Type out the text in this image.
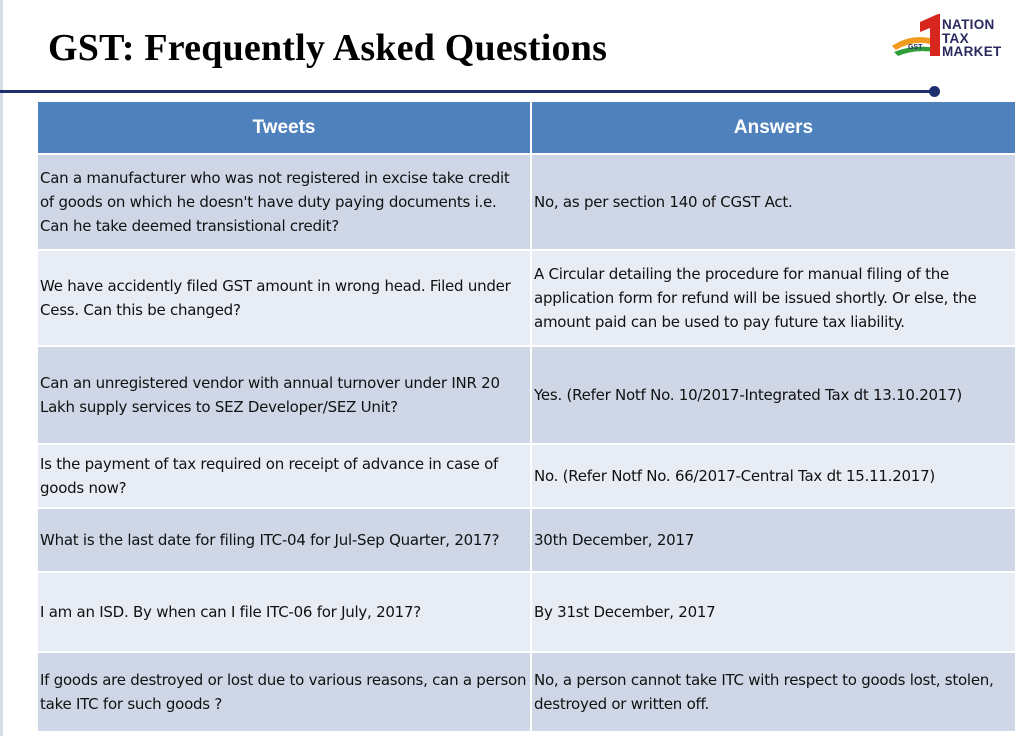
GST: Frequently Asked Questions	GST
NATION
TAX
MARKET
Tweets	Answers
Can a manufacturer who was not registered in excise take credit of goods on which he doesn't have duty paying documents i.e. Can he take deemed transistional credit?	No, as per section 140 of CGST Act.
We have accidently filed GST amount in wrong head. Filed under Cess. Can this be changed?	A Circular detailing the procedure for manual filing of the application form for refund will be issued shortly. Or else, the amount paid can be used to pay future tax liability.
Can an unregistered vendor with annual turnover under INR 20 Lakh supply services to SEZ Developer/SEZ Unit?	Yes. (Refer Notf No. 10/2017-Integrated Tax dt 13.10.2017)
Is the payment of tax required on receipt of advance in case of goods now?	No. (Refer Notf No. 66/2017-Central Tax dt 15.11.2017)
What is the last date for filing ITC-04 for Jul-Sep Quarter, 2017?	30th December, 2017
I am an ISD. By when can I file ITC-06 for July, 2017?	By 31st December, 2017
If goods are destroyed or lost due to various reasons, can a person take ITC for such goods ?	No, a person cannot take ITC with respect to goods lost, stolen, destroyed or written off.
